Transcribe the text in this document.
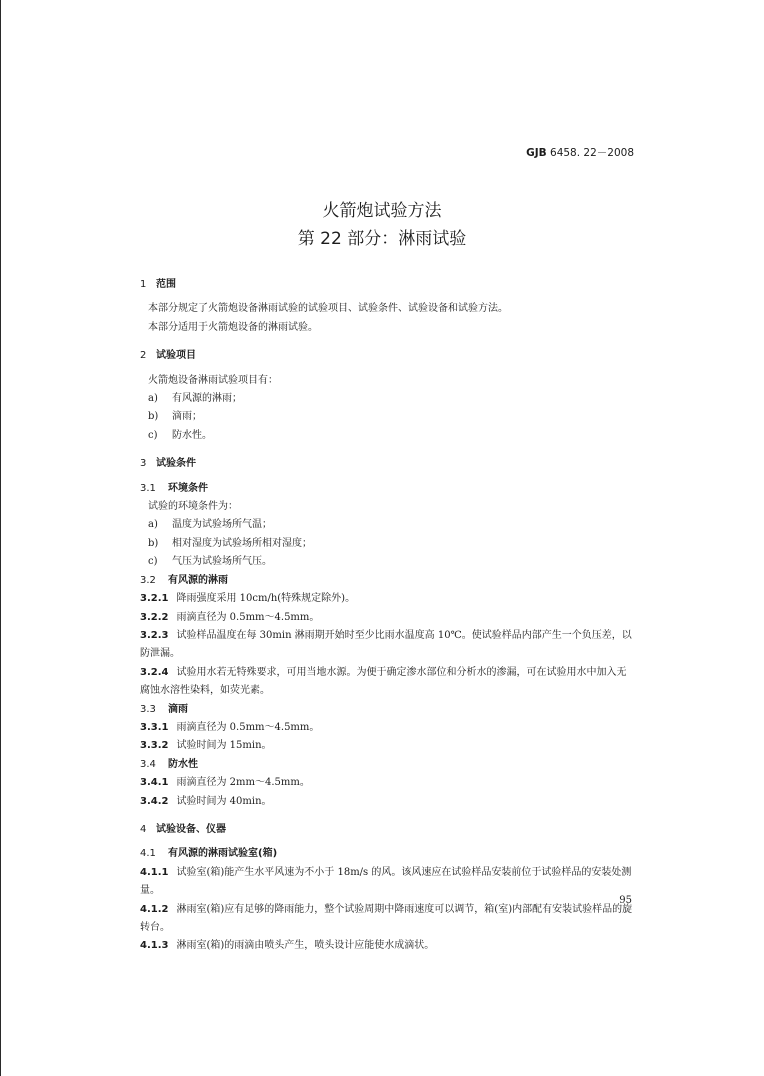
GJB 6458. 22－2008
火箭炮试验方法
第 22 部分：淋雨试验
1 范围
本部分规定了火箭炮设备淋雨试验的试验项目、试验条件、试验设备和试验方法。
本部分适用于火箭炮设备的淋雨试验。
2 试验项目
火箭炮设备淋雨试验项目有：
a) 有风源的淋雨；
b) 滴雨；
c) 防水性。
3 试验条件
3.1 环境条件
试验的环境条件为：
a) 温度为试验场所气温；
b) 相对湿度为试验场所相对湿度；
c) 气压为试验场所气压。
3.2 有风源的淋雨
3.2.1 降雨强度采用 10cm/h(特殊规定除外)。
3.2.2 雨滴直径为 0.5mm～4.5mm。
3.2.3 试验样品温度在每 30min 淋雨期开始时至少比雨水温度高 10℃。使试验样品内部产生一个负压差，以防泄漏。
3.2.4 试验用水若无特殊要求，可用当地水源。为便于确定渗水部位和分析水的渗漏，可在试验用水中加入无腐蚀水溶性染料，如荧光素。
3.3 滴雨
3.3.1 雨滴直径为 0.5mm～4.5mm。
3.3.2 试验时间为 15min。
3.4 防水性
3.4.1 雨滴直径为 2mm～4.5mm。
3.4.2 试验时间为 40min。
4 试验设备、仪器
4.1 有风源的淋雨试验室(箱)
4.1.1 试验室(箱)能产生水平风速为不小于 18m/s 的风。该风速应在试验样品安装前位于试验样品的安装处测量。
4.1.2 淋雨室(箱)应有足够的降雨能力，整个试验周期中降雨速度可以调节，箱(室)内部配有安装试验样品的旋转台。
4.1.3 淋雨室(箱)的雨滴由喷头产生，喷头设计应能使水成滴状。
95
